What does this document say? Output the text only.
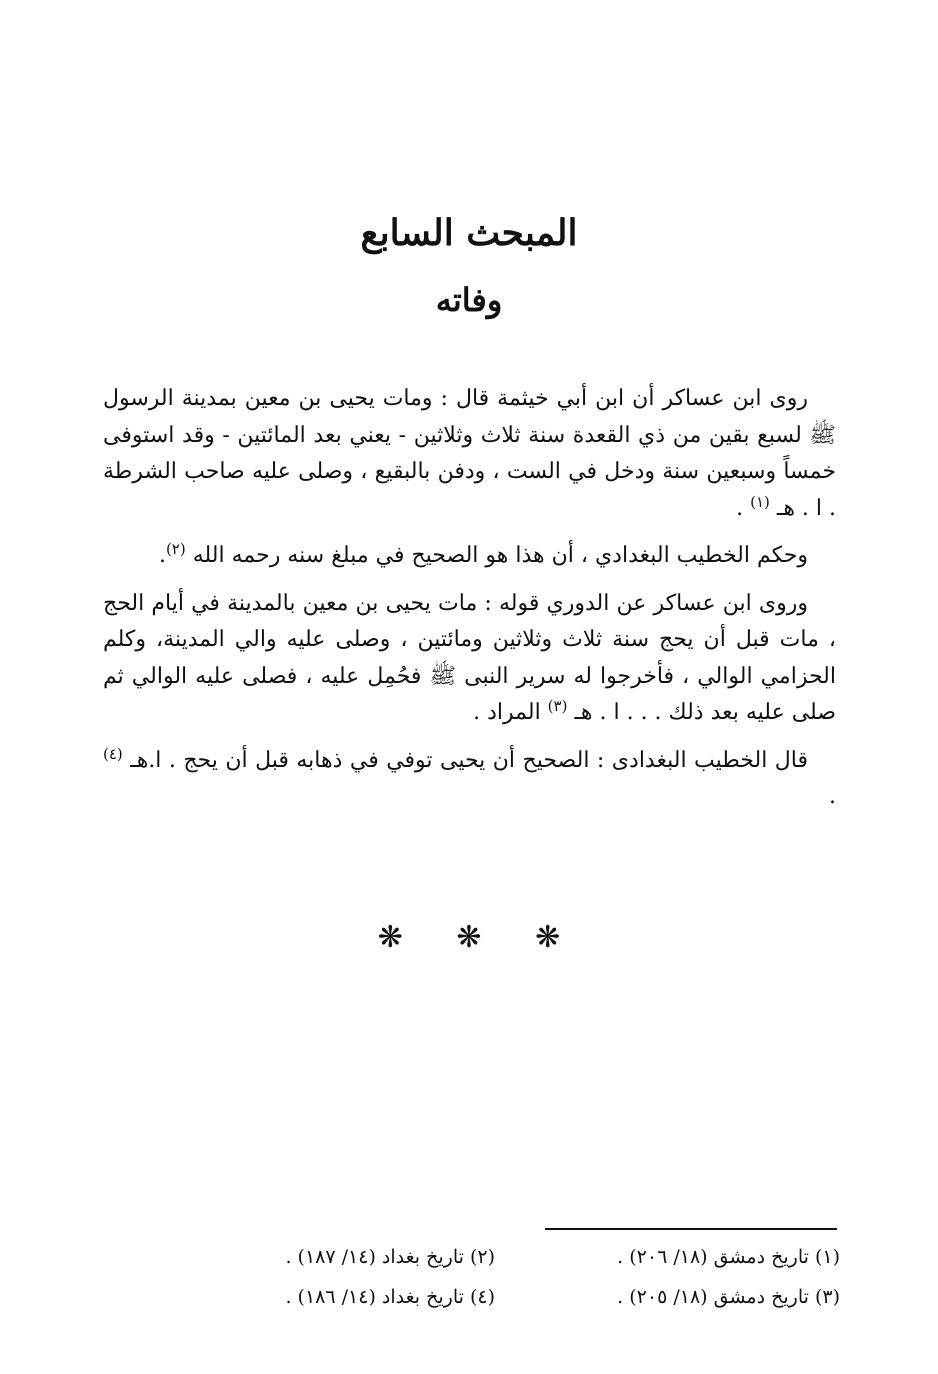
المبحث السابع
وفاته

روى ابن عساكر أن ابن أبي خيثمة قال : ومات يحيى بن معين بمدينة الرسول ﷺ لسبع بقين من ذي القعدة سنة ثلاث وثلاثين - يعني بعد المائتين - وقد استوفى خمساً وسبعين سنة ودخل في الست ، ودفن بالبقيع ، وصلى عليه صاحب الشرطة . ا . هـ $^{(١)}$ .

وحكم الخطيب البغدادي ، أن هذا هو الصحيح في مبلغ سنه رحمه الله $^{(٢)}$.

وروى ابن عساكر عن الدوري قوله : مات يحيى بن معين بالمدينة في أيام الحج ، مات قبل أن يحج سنة ثلاث وثلاثين ومائتين ، وصلى عليه والي المدينة، وكلم الحزامي الوالي ، فأخرجوا له سرير النبى ﷺ فحُمِل عليه ، فصلى عليه الوالي ثم صلى عليه بعد ذلك . . . ا . هـ $^{(٣)}$ المراد .

قال الخطيب البغدادى : الصحيح أن يحيى توفي في ذهابه قبل أن يحج . ا.هـ $^{(٤)}$ .

❋ ❋ ❋
(١) تاريخ دمشق (١٨/ ٢٠٦) .
(٢) تاريخ بغداد (١٤/ ١٨٧) .
(٣) تاريخ دمشق (١٨/ ٢٠٥) .
(٤) تاريخ بغداد (١٤/ ١٨٦) .
